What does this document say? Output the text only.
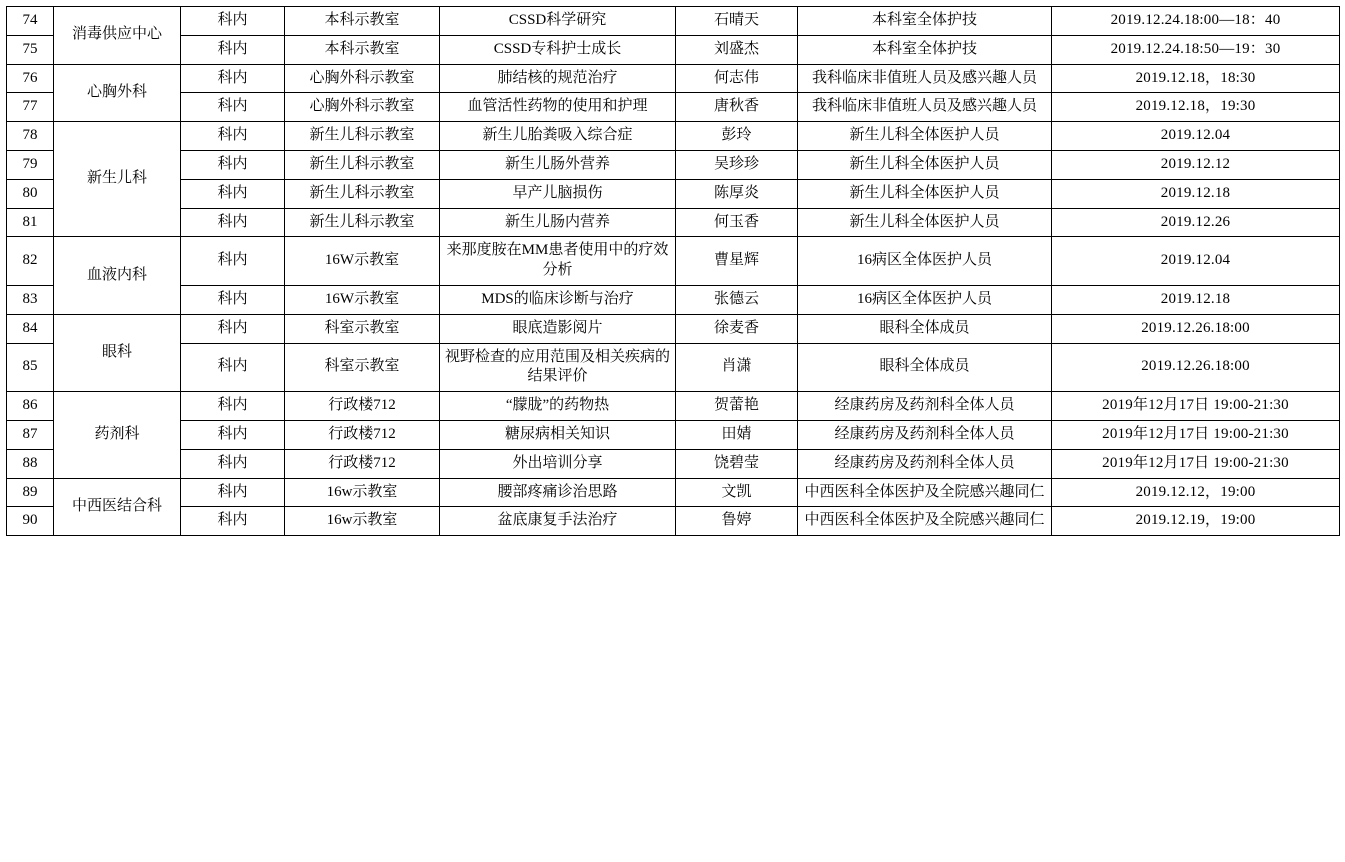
74	消毒供应中心	科内	本科示教室	CSSD科学研究	石晴天	本科室全体护技	2019.12.24.18:00—18：40
75		科内	本科示教室	CSSD专科护士成长	刘盛杰	本科室全体护技	2019.12.24.18:50—19：30
76	心胸外科	科内	心胸外科示教室	肺结核的规范治疗	何志伟	我科临床非值班人员及感兴趣人员	2019.12.18，18:30
77		科内	心胸外科示教室	血管活性药物的使用和护理	唐秋香	我科临床非值班人员及感兴趣人员	2019.12.18，19:30
78	新生儿科	科内	新生儿科示教室	新生儿胎粪吸入综合症	彭玲	新生儿科全体医护人员	2019.12.04
79		科内	新生儿科示教室	新生儿肠外营养	吴珍珍	新生儿科全体医护人员	2019.12.12
80		科内	新生儿科示教室	早产儿脑损伤	陈厚炎	新生儿科全体医护人员	2019.12.18
81		科内	新生儿科示教室	新生儿肠内营养	何玉香	新生儿科全体医护人员	2019.12.26
82	血液内科	科内	16W示教室	来那度胺在MM患者使用中的疗效分析	曹星辉	16病区全体医护人员	2019.12.04
83		科内	16W示教室	MDS的临床诊断与治疗	张德云	16病区全体医护人员	2019.12.18
84	眼科	科内	科室示教室	眼底造影阅片	徐麦香	眼科全体成员	2019.12.26.18:00
85		科内	科室示教室	视野检查的应用范围及相关疾病的结果评价	肖潇	眼科全体成员	2019.12.26.18:00
86	药剂科	科内	行政楼712	“朦胧”的药物热	贺蕾艳	经康药房及药剂科全体人员	2019年12月17日 19:00-21:30
87		科内	行政楼712	糖尿病相关知识	田婧	经康药房及药剂科全体人员	2019年12月17日 19:00-21:30
88		科内	行政楼712	外出培训分享	饶碧莹	经康药房及药剂科全体人员	2019年12月17日 19:00-21:30
89	中西医结合科	科内	16w示教室	腰部疼痛诊治思路	文凯	中西医科全体医护及全院感兴趣同仁	2019.12.12，19:00
90		科内	16w示教室	盆底康复手法治疗	鲁婷	中西医科全体医护及全院感兴趣同仁	2019.12.19，19:00
